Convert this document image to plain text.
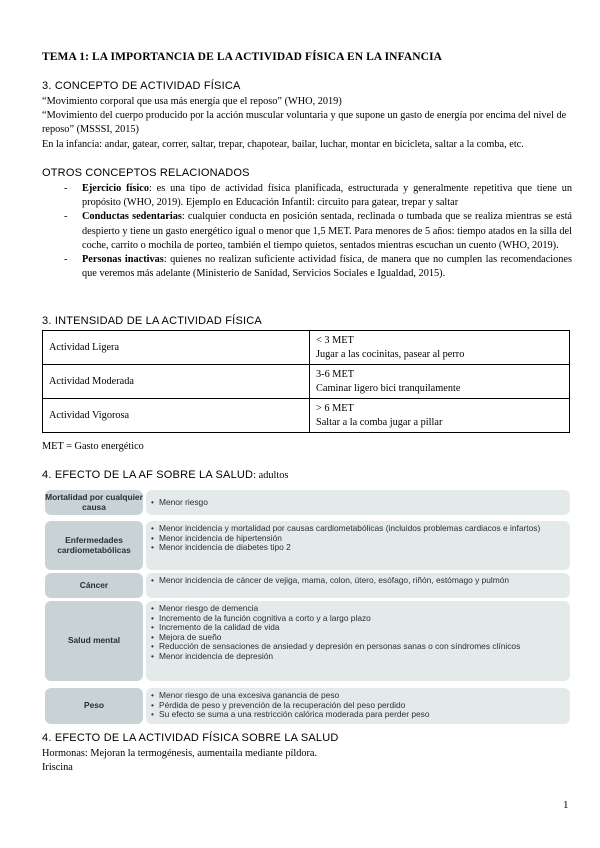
TEMA 1: LA IMPORTANCIA DE LA ACTIVIDAD FÍSICA EN LA INFANCIA
3. CONCEPTO DE ACTIVIDAD FÍSICA
“Movimiento corporal que usa más energía que el reposo” (WHO, 2019)
“Movimiento del cuerpo producido por la acción muscular voluntaria y que supone un gasto de energía por encima del nivel de reposo” (MSSSI, 2015)
En la infancia: andar, gatear, correr, saltar, trepar, chapotear, bailar, luchar, montar en bicicleta, saltar a la comba, etc.
OTROS CONCEPTOS RELACIONADOS
- Ejercicio físico: es una tipo de actividad física planificada, estructurada y generalmente repetitiva que tiene un propósito (WHO, 2019). Ejemplo en Educación Infantil: circuito para gatear, trepar y saltar
- Conductas sedentarias: cualquier conducta en posición sentada, reclinada o tumbada que se realiza mientras se está despierto y tiene un gasto energético igual o menor que 1,5 MET. Para menores de 5 años: tiempo atados en la silla del coche, carrito o mochila de porteo, también el tiempo quietos, sentados mientras escuchan un cuento (WHO, 2019).
- Personas inactivas: quienes no realizan suficiente actividad física, de manera que no cumplen las recomendaciones que veremos más adelante (Ministerio de Sanidad, Servicios Sociales e Igualdad, 2015).
3. INTENSIDAD DE LA ACTIVIDAD FÍSICA
Actividad Ligera	< 3 MET
Jugar a las cocinitas, pasear al perro

Actividad Moderada	3-6 MET
Caminar ligero bici tranquilamente

Actividad Vigorosa	> 6 MET
Saltar a la comba jugar a pillar
MET = Gasto energético
4. EFECTO DE LA AF SOBRE LA SALUD: adultos
Mortalidad por cualquier causa	• Menor riesgo
Enfermedades cardiometabólicas
• Menor incidencia y mortalidad por causas cardiometabólicas (incluidos problemas cardiacos e infartos)
• Menor incidencia de hipertensión
• Menor incidencia de diabetes tipo 2
Cáncer	• Menor incidencia de cáncer de vejiga, mama, colon, útero, esófago, riñón, estómago y pulmón
Salud mental
• Menor riesgo de demencia
• Incremento de la función cognitiva a corto y a largo plazo
• Incremento de la calidad de vida
• Mejora de sueño
• Reducción de sensaciones de ansiedad y depresión en personas sanas o con síndromes clínicos
• Menor incidencia de depresión
Peso
• Menor riesgo de una excesiva ganancia de peso
• Pérdida de peso y prevención de la recuperación del peso perdido
• Su efecto se suma a una restricción calórica moderada para perder peso
4. EFECTO DE LA ACTIVIDAD FÍSICA SOBRE LA SALUD
Hormonas: Mejoran la termogénesis, aumentaila mediante píldora.
Iriscina
1
